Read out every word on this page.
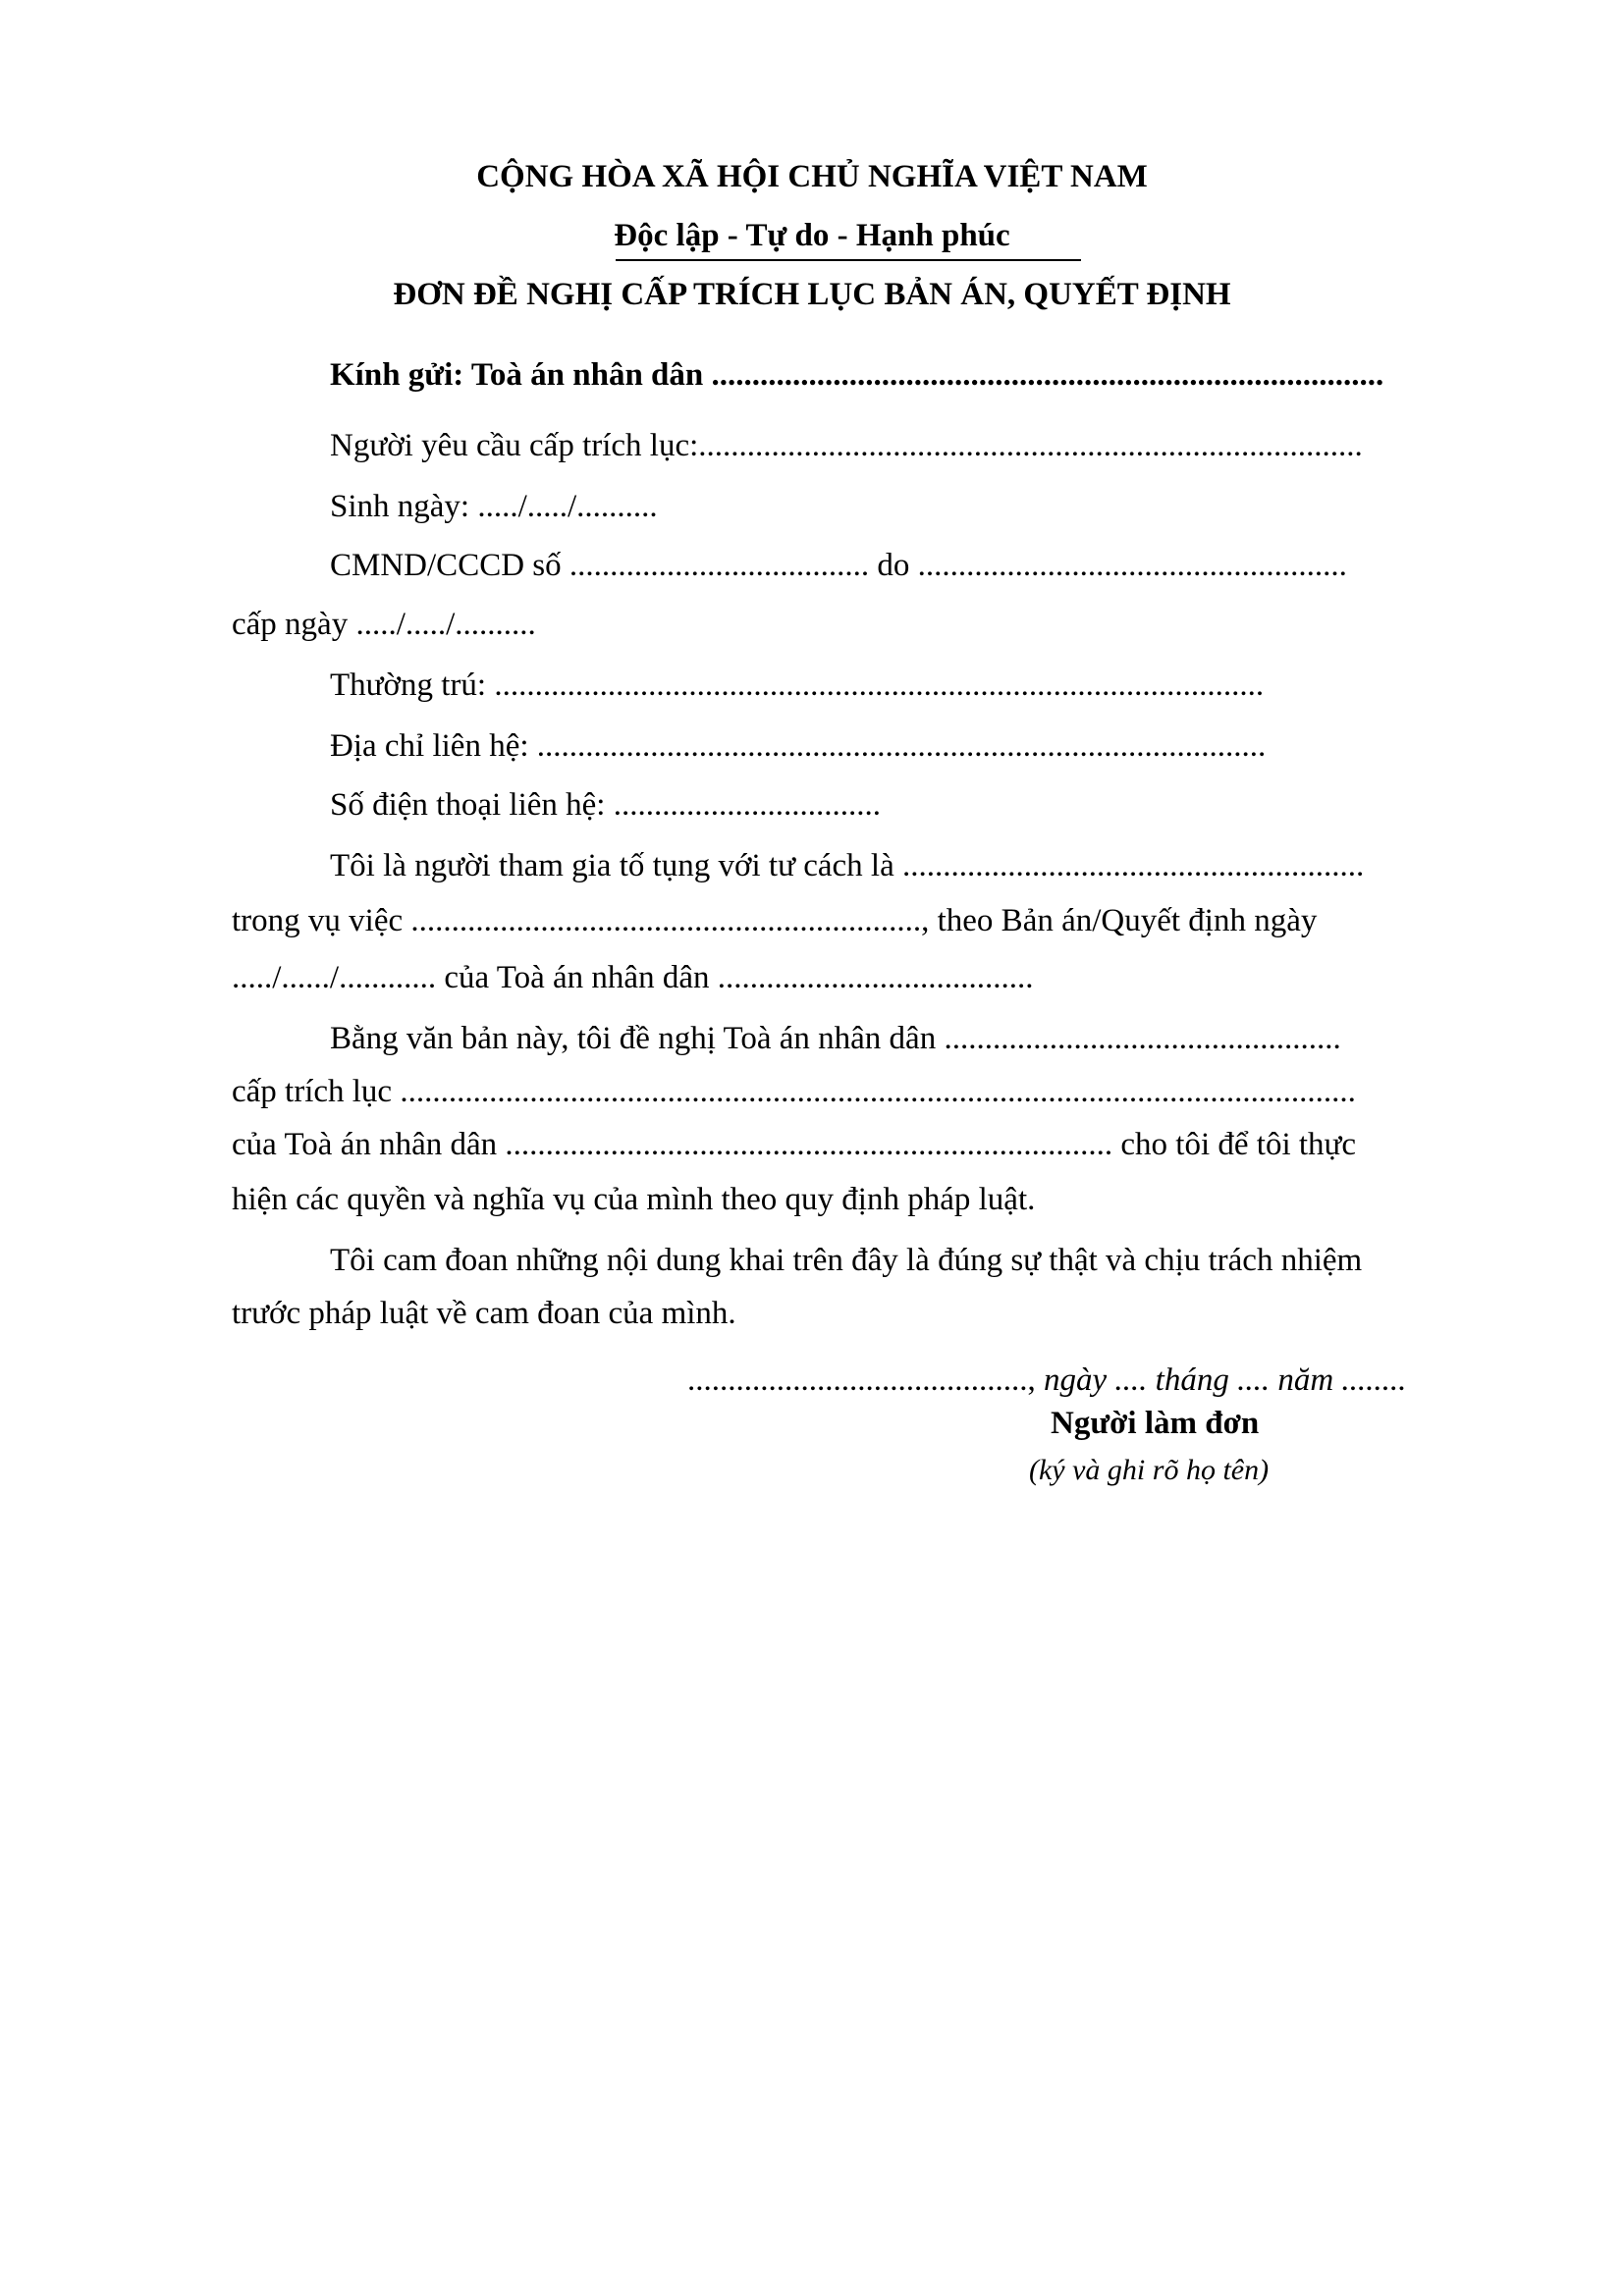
CỘNG HÒA XÃ HỘI CHỦ NGHĨA VIỆT NAM
Độc lập - Tự do - Hạnh phúc
ĐƠN ĐỀ NGHỊ CẤP TRÍCH LỤC BẢN ÁN, QUYẾT ĐỊNH
Kính gửi: Toà án nhân dân ...................................................................................
Người yêu cầu cấp trích lục:..................................................................................
Sinh ngày: ...../...../..........
CMND/CCCD số ..................................... do .....................................................
cấp ngày ...../...../..........
Thường trú: ...............................................................................................
Địa chỉ liên hệ: ..........................................................................................
Số điện thoại liên hệ: .................................
Tôi là người tham gia tố tụng với tư cách là .........................................................
trong vụ việc ..............................................................., theo Bản án/Quyết định ngày
...../....../............ của Toà án nhân dân .......................................
Bằng văn bản này, tôi đề nghị Toà án nhân dân .................................................
cấp trích lục ......................................................................................................................
của Toà án nhân dân ........................................................................... cho tôi để tôi thực
hiện các quyền và nghĩa vụ của mình theo quy định pháp luật.
Tôi cam đoan những nội dung khai trên đây là đúng sự thật và chịu trách nhiệm
trước pháp luật về cam đoan của mình.
.........................................., ngày .... tháng .... năm ........
Người làm đơn
(ký và ghi rõ họ tên)
